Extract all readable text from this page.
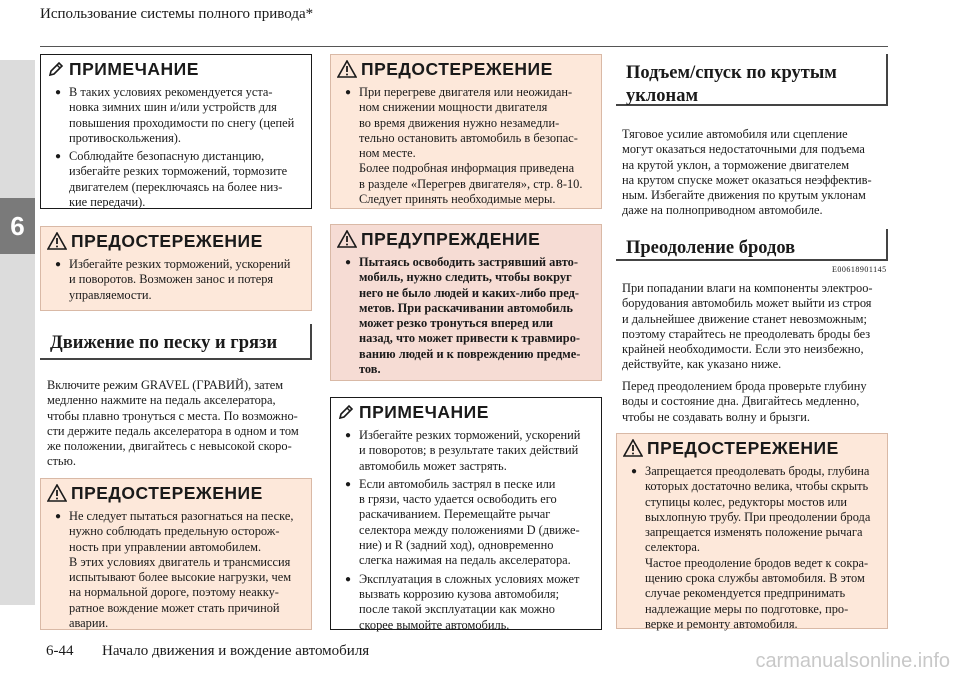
Использование системы полного привода*
6
ПРИМЕЧАНИЕ
● В таких условиях рекомендуется уста-
новка зимних шин и/или устройств для
повышения проходимости по снегу (цепей
противоскольжения).
● Соблюдайте безопасную дистанцию,
избегайте резких торможений, тормозите
двигателем (переключаясь на более низ-
кие передачи).
ПРЕДОСТЕРЕЖЕНИЕ
● Избегайте резких торможений, ускорений
и поворотов. Возможен занос и потеря
управляемости.
Движение по песку и грязи
Включите режим GRAVEL (ГРАВИЙ), затем
медленно нажмите на педаль акселератора,
чтобы плавно тронуться с места. По возможно-
сти держите педаль акселератора в одном и том
же положении, двигайтесь с невысокой скоро-
стью.
ПРЕДОСТЕРЕЖЕНИЕ
● Не следует пытаться разогнаться на песке,
нужно соблюдать предельную осторож-
ность при управлении автомобилем.
В этих условиях двигатель и трансмиссия
испытывают более высокие нагрузки, чем
на нормальной дороге, поэтому неакку-
ратное вождение может стать причиной
аварии.
ПРЕДОСТЕРЕЖЕНИЕ
● При перегреве двигателя или неожидан-
ном снижении мощности двигателя
во время движения нужно незамедли-
тельно остановить автомобиль в безопас-
ном месте.
Более подробная информация приведена
в разделе «Перегрев двигателя», стр. 8-10.
Следует принять необходимые меры.
ПРЕДУПРЕЖДЕНИЕ
● Пытаясь освободить застрявший авто-
мобиль, нужно следить, чтобы вокруг
него не было людей и каких-либо пред-
метов. При раскачивании автомобиль
может резко тронуться вперед или
назад, что может привести к травмиро-
ванию людей и к повреждению предме-
тов.
ПРИМЕЧАНИЕ
● Избегайте резких торможений, ускорений
и поворотов; в результате таких действий
автомобиль может застрять.
● Если автомобиль застрял в песке или
в грязи, часто удается освободить его
раскачиванием. Перемещайте рычаг
селектора между положениями D (движе-
ние) и R (задний ход), одновременно
слегка нажимая на педаль акселератора.
● Эксплуатация в сложных условиях может
вызвать коррозию кузова автомобиля;
после такой эксплуатации как можно
скорее вымойте автомобиль.
Подъем/спуск по крутым
уклонам
Тяговое усилие автомобиля или сцепление
могут оказаться недостаточными для подъема
на крутой уклон, а торможение двигателем
на крутом спуске может оказаться неэффектив-
ным. Избегайте движения по крутым уклонам
даже на полноприводном автомобиле.
Преодоление бродов
E00618901145
При попадании влаги на компоненты электроо-
борудования автомобиль может выйти из строя
и дальнейшее движение станет невозможным;
поэтому старайтесь не преодолевать броды без
крайней необходимости. Если это неизбежно,
действуйте, как указано ниже.
Перед преодолением брода проверьте глубину
воды и состояние дна. Двигайтесь медленно,
чтобы не создавать волну и брызги.
ПРЕДОСТЕРЕЖЕНИЕ
● Запрещается преодолевать броды, глубина
которых достаточно велика, чтобы скрыть
ступицы колес, редукторы мостов или
выхлопную трубу. При преодолении брода
запрещается изменять положение рычага
селектора.
Частое преодоление бродов ведет к сокра-
щению срока службы автомобиля. В этом
случае рекомендуется предпринимать
надлежащие меры по подготовке, про-
верке и ремонту автомобиля.
6-44 Начало движения и вождение автомобиля	carmanualsonline.info
